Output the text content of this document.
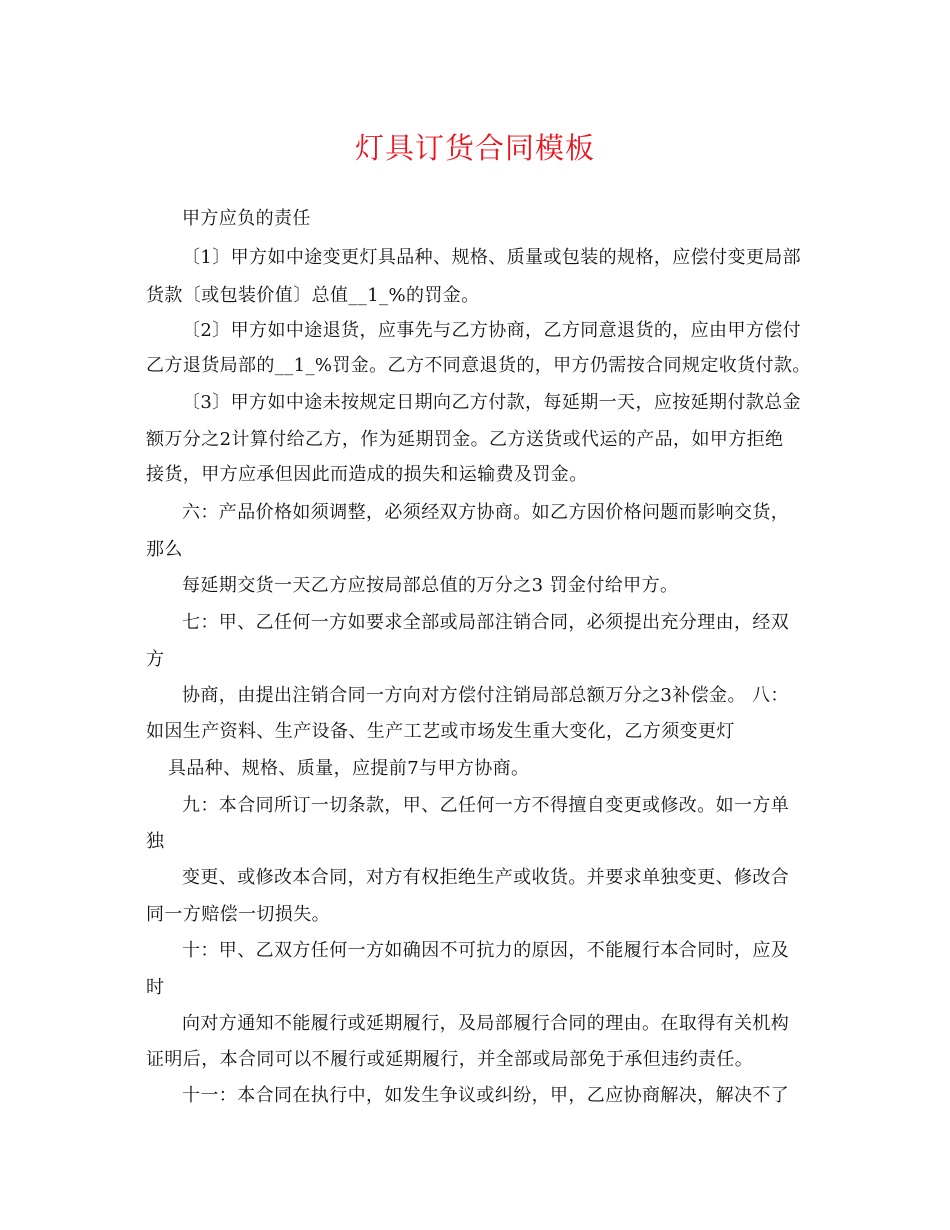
灯具订货合同模板
甲方应负的责任
〔1〕甲方如中途变更灯具品种、规格、质量或包装的规格，应偿付变更局部
货款〔或包装价值〕总值__1_%的罚金。
〔2〕甲方如中途退货，应事先与乙方协商，乙方同意退货的，应由甲方偿付
乙方退货局部的__1_%罚金。乙方不同意退货的，甲方仍需按合同规定收货付款。
〔3〕甲方如中途未按规定日期向乙方付款，每延期一天，应按延期付款总金
额万分之2计算付给乙方，作为延期罚金。乙方送货或代运的产品，如甲方拒绝
接货，甲方应承但因此而造成的损失和运输费及罚金。
六：产品价格如须调整，必须经双方协商。如乙方因价格问题而影响交货，
那么
每延期交货一天乙方应按局部总值的万分之3 罚金付给甲方。
七：甲、乙任何一方如要求全部或局部注销合同，必须提出充分理由，经双
方
协商，由提出注销合同一方向对方偿付注销局部总额万分之3补偿金。 八：
如因生产资料、生产设备、生产工艺或市场发生重大变化，乙方须变更灯
具品种、规格、质量，应提前7与甲方协商。
九：本合同所订一切条款，甲、乙任何一方不得擅自变更或修改。如一方单
独
变更、或修改本合同，对方有权拒绝生产或收货。并要求单独变更、修改合
同一方赔偿一切损失。
十：甲、乙双方任何一方如确因不可抗力的原因，不能履行本合同时，应及
时
向对方通知不能履行或延期履行，及局部履行合同的理由。在取得有关机构
证明后，本合同可以不履行或延期履行，并全部或局部免于承但违约责任。
十一：本合同在执行中，如发生争议或纠纷，甲，乙应协商解决，解决不了
